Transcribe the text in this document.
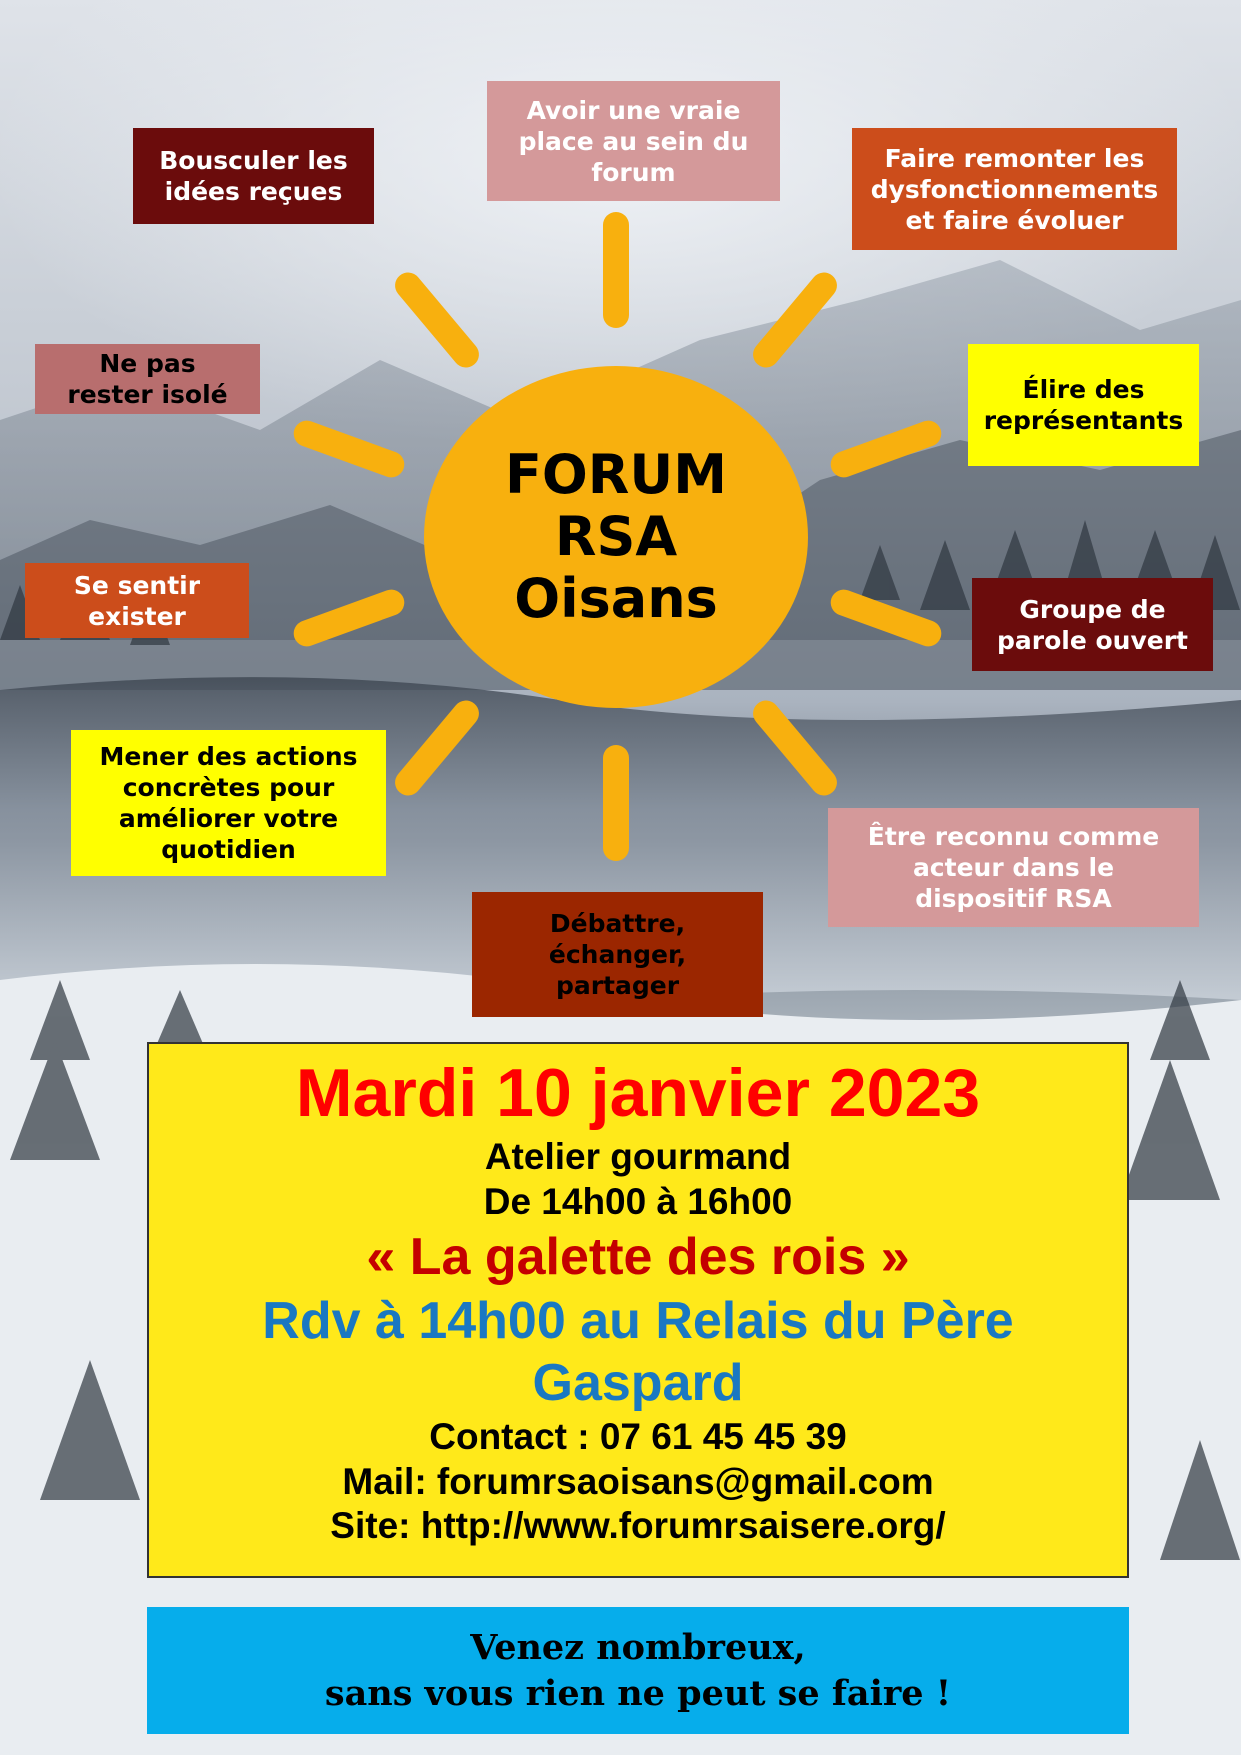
FORUM
RSA
Oisans
Bousculer les idées reçues
Avoir une vraie place au sein du forum	Faire remonter les dysfonctionnements et faire évoluer
Ne pas rester isolé	Élire des représentants
Se sentir exister	Groupe de parole ouvert
Mener des actions concrètes pour améliorer votre quotidien	Être reconnu comme acteur dans le dispositif RSA
Débattre, échanger, partager
Mardi 10 janvier 2023
Atelier gourmand
De 14h00 à 16h00
« La galette des rois »
Rdv à 14h00 au Relais du Père Gaspard
Contact : 07 61 45 45 39
Mail: forumrsaoisans@gmail.com
Site: http://www.forumrsaisere.org/
Venez nombreux,
sans vous rien ne peut se faire !
